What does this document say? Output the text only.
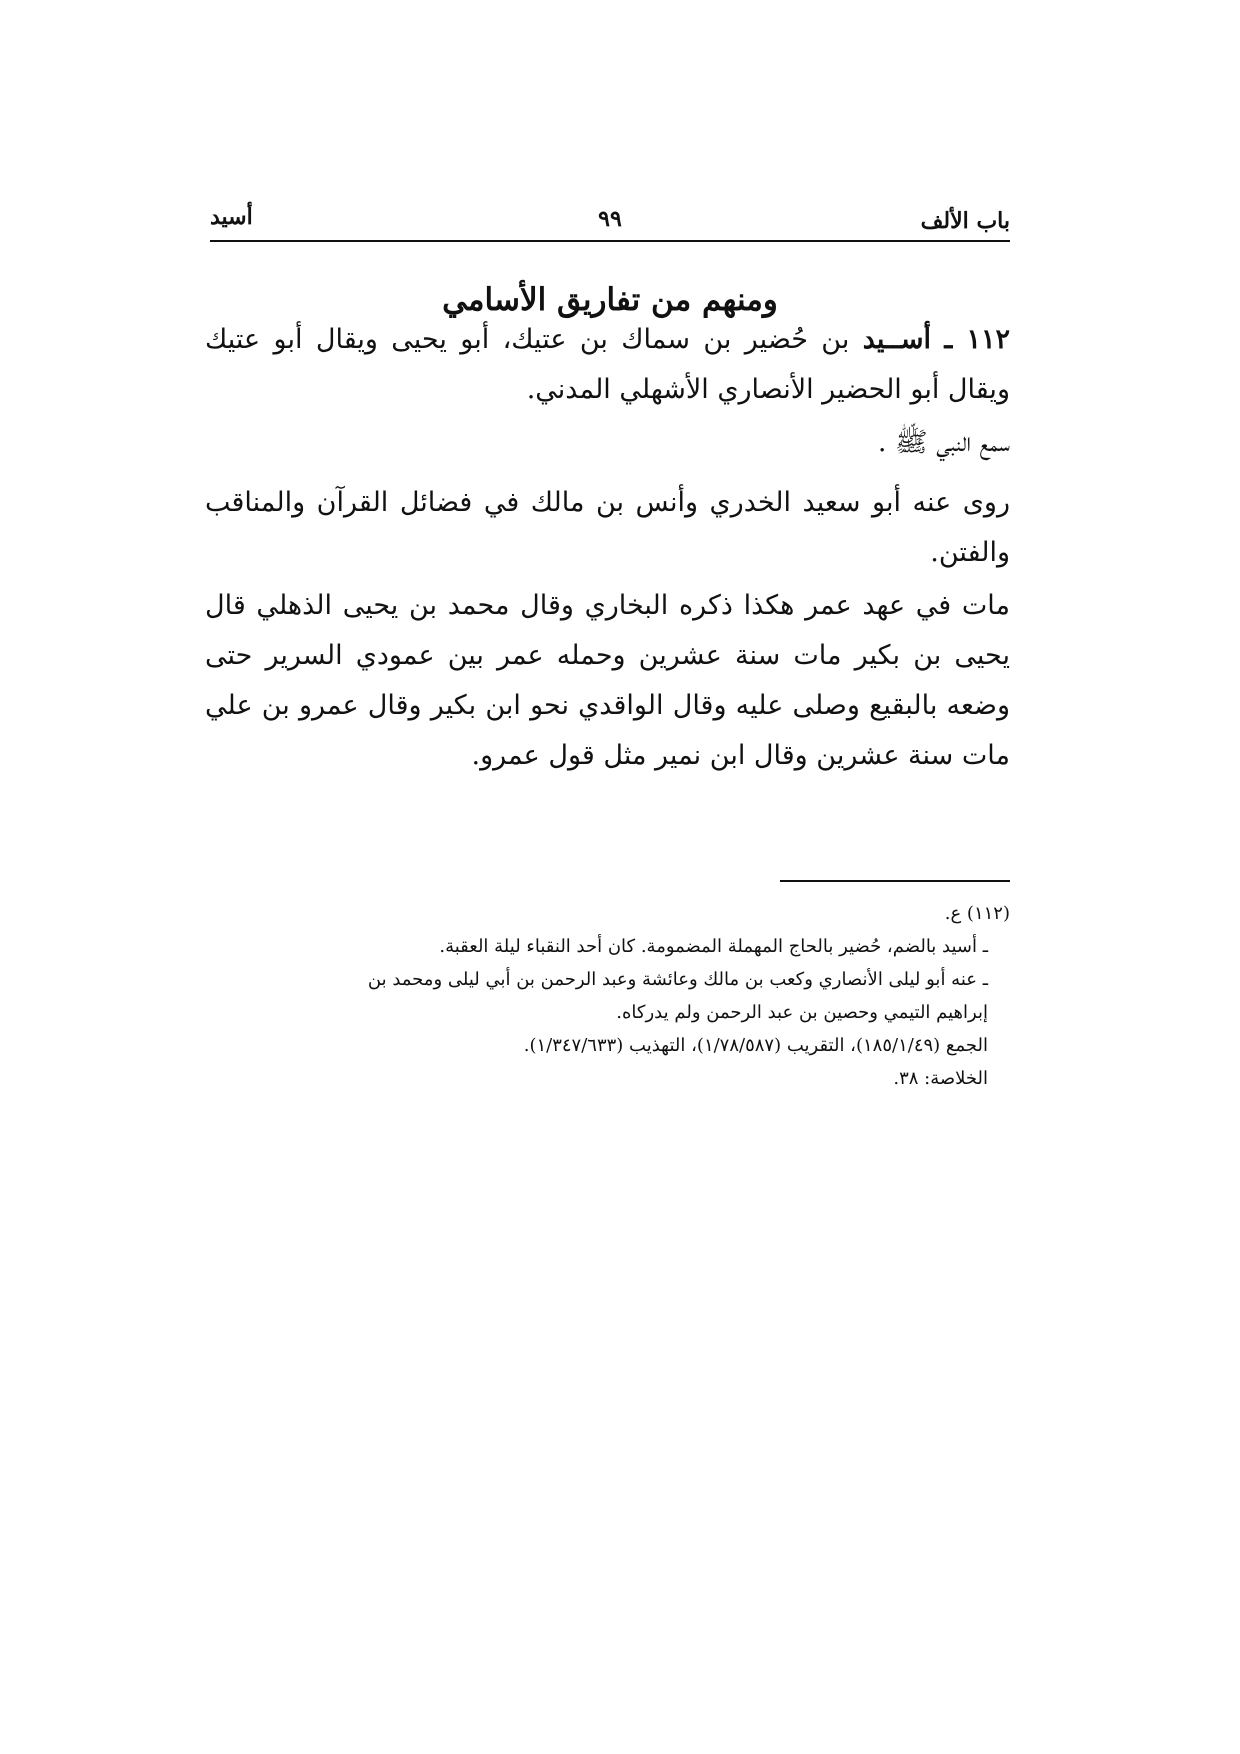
باب الألف
٩٩
أسيد
ومنهم من تفاريق الأسامي
١١٢ ـ أســيد بن حُضير بن سماك بن عتيك، أبو يحيى ويقال أبو عتيك ويقال أبو الحضير الأنصاري الأشهلي المدني.
سمع النبي ﷺ .
روى عنه أبو سعيد الخدري وأنس بن مالك في فضائل القرآن والمناقب والفتن.
مات في عهد عمر هكذا ذكره البخاري وقال محمد بن يحيى الذهلي قال يحيى بن بكير مات سنة عشرين وحمله عمر بين عمودي السرير حتى وضعه بالبقيع وصلى عليه وقال الواقدي نحو ابن بكير وقال عمرو بن علي مات سنة عشرين وقال ابن نمير مثل قول عمرو.
(١١٢) ع.
ـ أسيد بالضم، حُضير بالحاج المهملة المضمومة. كان أحد النقباء ليلة العقبة.
ـ عنه أبو ليلى الأنصاري وكعب بن مالك وعائشة وعبد الرحمن بن أبي ليلى ومحمد بن
إبراهيم التيمي وحصين بن عبد الرحمن ولم يدركاه.
الجمع (١٨٥/١/٤٩)، التقريب (١/٧٨/٥٨٧)، التهذيب (١/٣٤٧/٦٣٣).
الخلاصة: ٣٨.
